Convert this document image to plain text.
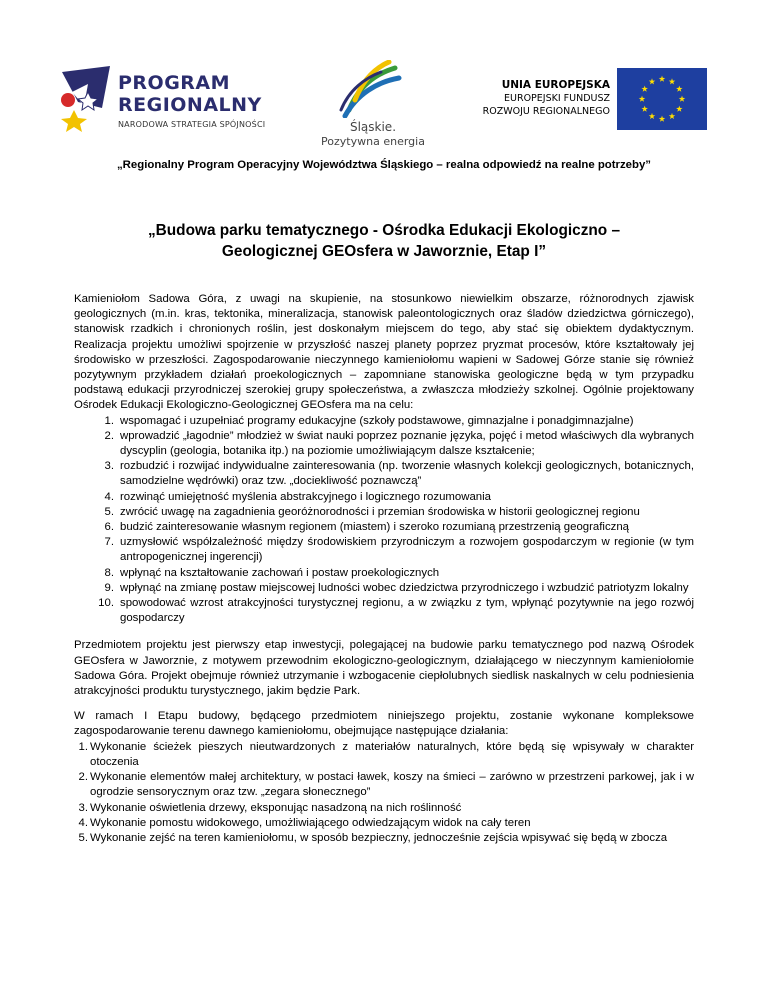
PROGRAM
REGIONALNY
NARODOWA STRATEGIA SPÓJNOŚCI	Śląskie.
Pozytywna energia
UNIA EUROPEJSKA
EUROPEJSKI FUNDUSZ
ROZWOJU REGIONALNEGO
„Regionalny Program Operacyjny Województwa Śląskiego – realna odpowiedź na realne potrzeby”
„Budowa parku tematycznego - Ośrodka Edukacji Ekologiczno –
Geologicznej GEOsfera w Jaworznie, Etap I”

Kamieniołom Sadowa Góra, z uwagi na skupienie, na stosunkowo niewielkim obszarze, różnorodnych zjawisk geologicznych (m.in. kras, tektonika, mineralizacja, stanowisk paleontologicznych oraz śladów dziedzictwa górniczego), stanowisk rzadkich i chronionych roślin, jest doskonałym miejscem do tego, aby stać się obiektem dydaktycznym. Realizacja projektu umożliwi spojrzenie w przyszłość naszej planety poprzez pryzmat procesów, które kształtowały jej środowisko w przeszłości. Zagospodarowanie nieczynnego kamieniołomu wapieni w Sadowej Górze stanie się również pozytywnym przykładem działań proekologicznych – zapomniane stanowiska geologiczne będą w tym przypadku podstawą edukacji przyrodniczej szerokiej grupy społeczeństwa, a zwłaszcza młodzieży szkolnej. Ogólnie projektowany Ośrodek Edukacji Ekologiczno-Geologicznej GEOsfera ma na celu:

1. wspomagać i uzupełniać programy edukacyjne (szkoły podstawowe, gimnazjalne i ponadgimnazjalne)
2. wprowadzić „łagodnie” młodzież w świat nauki poprzez poznanie języka, pojęć i metod właściwych dla wybranych dyscyplin (geologia, botanika itp.) na poziomie umożliwiającym dalsze kształcenie;
3. rozbudzić i rozwijać indywidualne zainteresowania (np. tworzenie własnych kolekcji geologicznych, botanicznych, samodzielne wędrówki) oraz tzw. „dociekliwość poznawczą”
4. rozwinąć umiejętność myślenia abstrakcyjnego i logicznego rozumowania
5. zwrócić uwagę na zagadnienia georóżnorodności i przemian środowiska w historii geologicznej regionu
6. budzić zainteresowanie własnym regionem (miastem) i szeroko rozumianą przestrzenią geograficzną
7. uzmysłowić współzależność między środowiskiem przyrodniczym a rozwojem gospodarczym w regionie (w tym antropogenicznej ingerencji)
8. wpłynąć na kształtowanie zachowań i postaw proekologicznych
9. wpłynąć na zmianę postaw miejscowej ludności wobec dziedzictwa przyrodniczego i wzbudzić patriotyzm lokalny
10. spowodować wzrost atrakcyjności turystycznej regionu, a w związku z tym, wpłynąć pozytywnie na jego rozwój gospodarczy

Przedmiotem projektu jest pierwszy etap inwestycji, polegającej na budowie parku tematycznego pod nazwą Ośrodek GEOsfera w Jaworznie, z motywem przewodnim ekologiczno-geologicznym, działającego w nieczynnym kamieniołomie Sadowa Góra. Projekt obejmuje również utrzymanie i wzbogacenie ciepłolubnych siedlisk naskalnych w celu podniesienia atrakcyjności produktu turystycznego, jakim będzie Park.

W ramach I Etapu budowy, będącego przedmiotem niniejszego projektu, zostanie wykonane kompleksowe zagospodarowanie terenu dawnego kamieniołomu, obejmujące następujące działania:

1. Wykonanie ścieżek pieszych nieutwardzonych z materiałów naturalnych, które będą się wpisywały w charakter otoczenia
2. Wykonanie elementów małej architektury, w postaci ławek, koszy na śmieci – zarówno w przestrzeni parkowej, jak i w ogrodzie sensorycznym oraz tzw. „zegara słonecznego”
3. Wykonanie oświetlenia drzewy, eksponując nasadzoną na nich roślinność
4. Wykonanie pomostu widokowego, umożliwiającego odwiedzającym widok na cały teren
5. Wykonanie zejść na teren kamieniołomu, w sposób bezpieczny, jednocześnie zejścia wpisywać się będą w zbocza
